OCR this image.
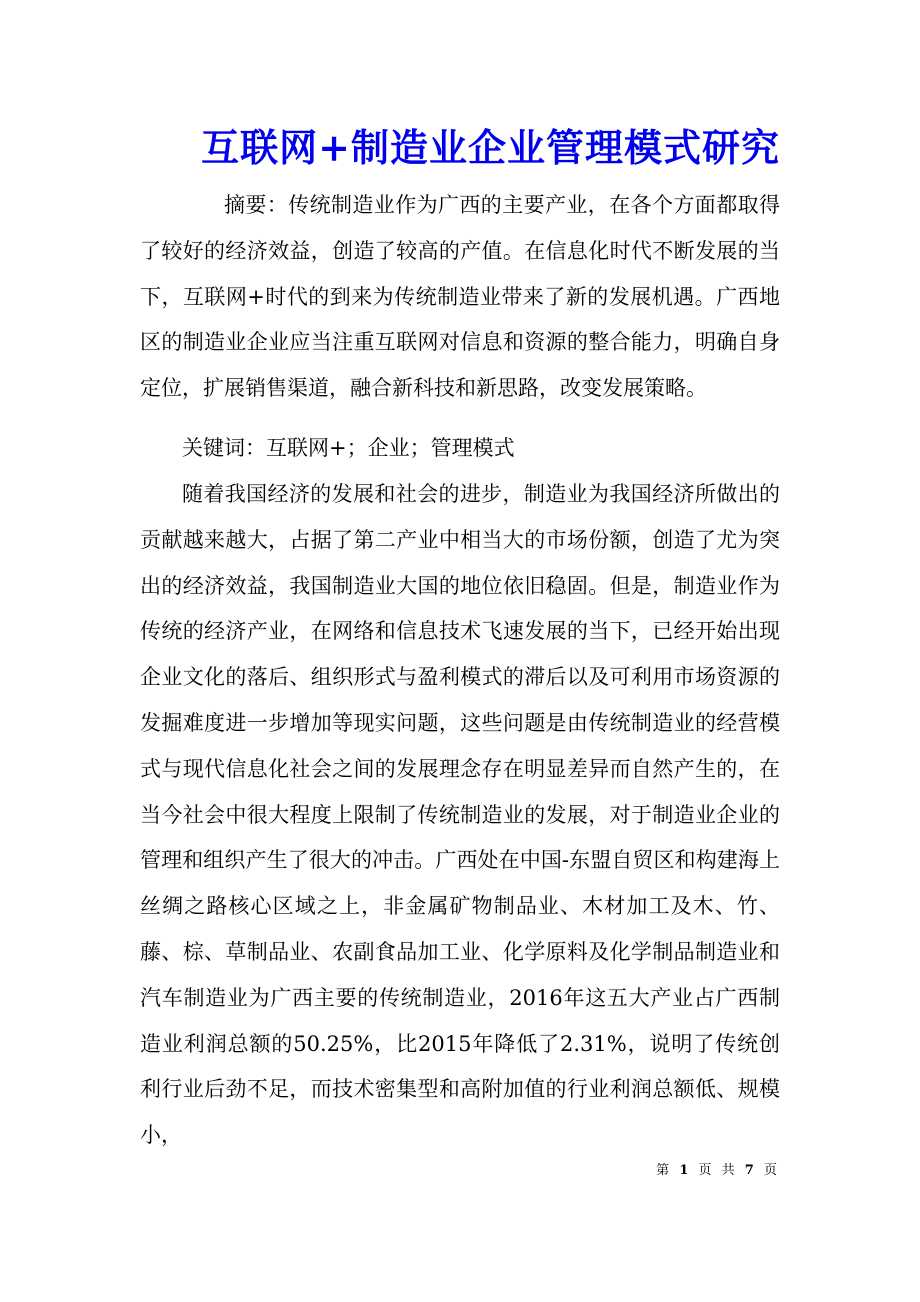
互联网+制造业企业管理模式研究

摘要：传统制造业作为广西的主要产业，在各个方面都取得了较好的经济效益，创造了较高的产值。在信息化时代不断发展的当下，互联网+时代的到来为传统制造业带来了新的发展机遇。广西地区的制造业企业应当注重互联网对信息和资源的整合能力，明确自身定位，扩展销售渠道，融合新科技和新思路，改变发展策略。

关键词：互联网+；企业；管理模式

随着我国经济的发展和社会的进步，制造业为我国经济所做出的贡献越来越大，占据了第二产业中相当大的市场份额，创造了尤为突出的经济效益，我国制造业大国的地位依旧稳固。但是，制造业作为传统的经济产业，在网络和信息技术飞速发展的当下，已经开始出现企业文化的落后、组织形式与盈利模式的滞后以及可利用市场资源的发掘难度进一步增加等现实问题，这些问题是由传统制造业的经营模式与现代信息化社会之间的发展理念存在明显差异而自然产生的，在当今社会中很大程度上限制了传统制造业的发展，对于制造业企业的管理和组织产生了很大的冲击。广西处在中国-东盟自贸区和构建海上丝绸之路核心区域之上，非金属矿物制品业、木材加工及木、竹、藤、棕、草制品业、农副食品加工业、化学原料及化学制品制造业和汽车制造业为广西主要的传统制造业，2016年这五大产业占广西制造业利润总额的50.25%，比2015年降低了2.31%，说明了传统创利行业后劲不足，而技术密集型和高附加值的行业利润总额低、规模小，

第 1 页 共 7 页
